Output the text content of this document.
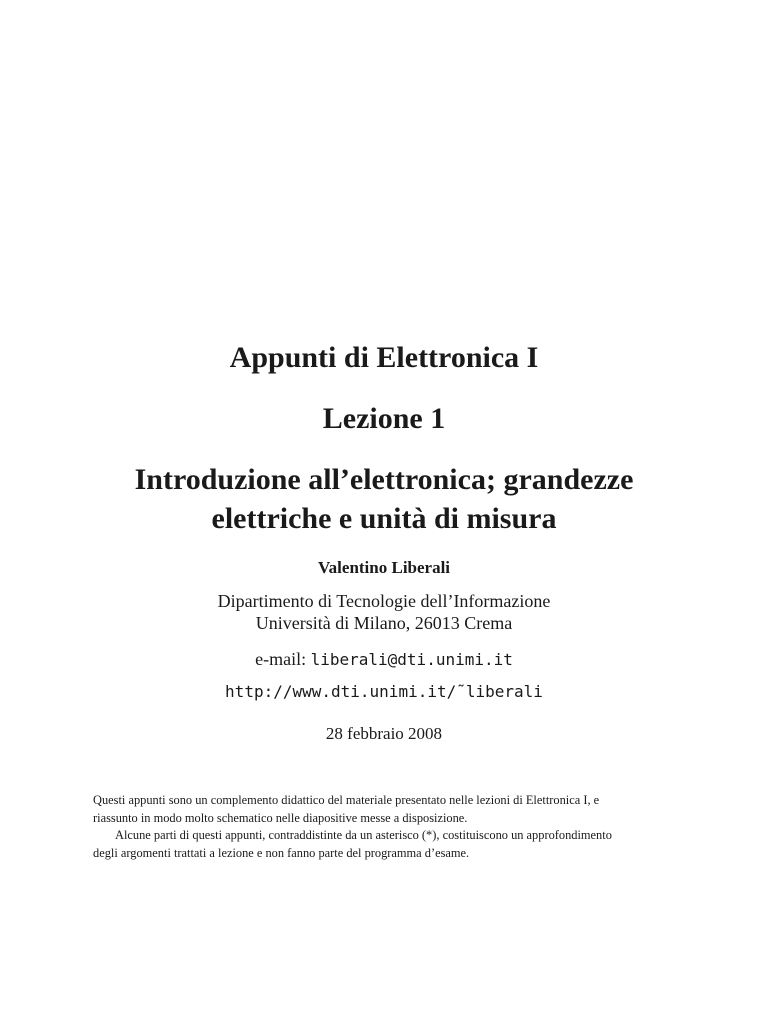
Appunti di Elettronica I
Lezione 1
Introduzione all’elettronica; grandezze
elettriche e unità di misura
Valentino Liberali
Dipartimento di Tecnologie dell’Informazione
Università di Milano, 26013 Crema
e-mail: liberali@dti.unimi.it
http://www.dti.unimi.it/˜liberali
28 febbraio 2008
Questi appunti sono un complemento didattico del materiale presentato nelle lezioni di Elettronica I, e
riassunto in modo molto schematico nelle diapositive messe a disposizione.
Alcune parti di questi appunti, contraddistinte da un asterisco (*), costituiscono un approfondimento
degli argomenti trattati a lezione e non fanno parte del programma d’esame.
